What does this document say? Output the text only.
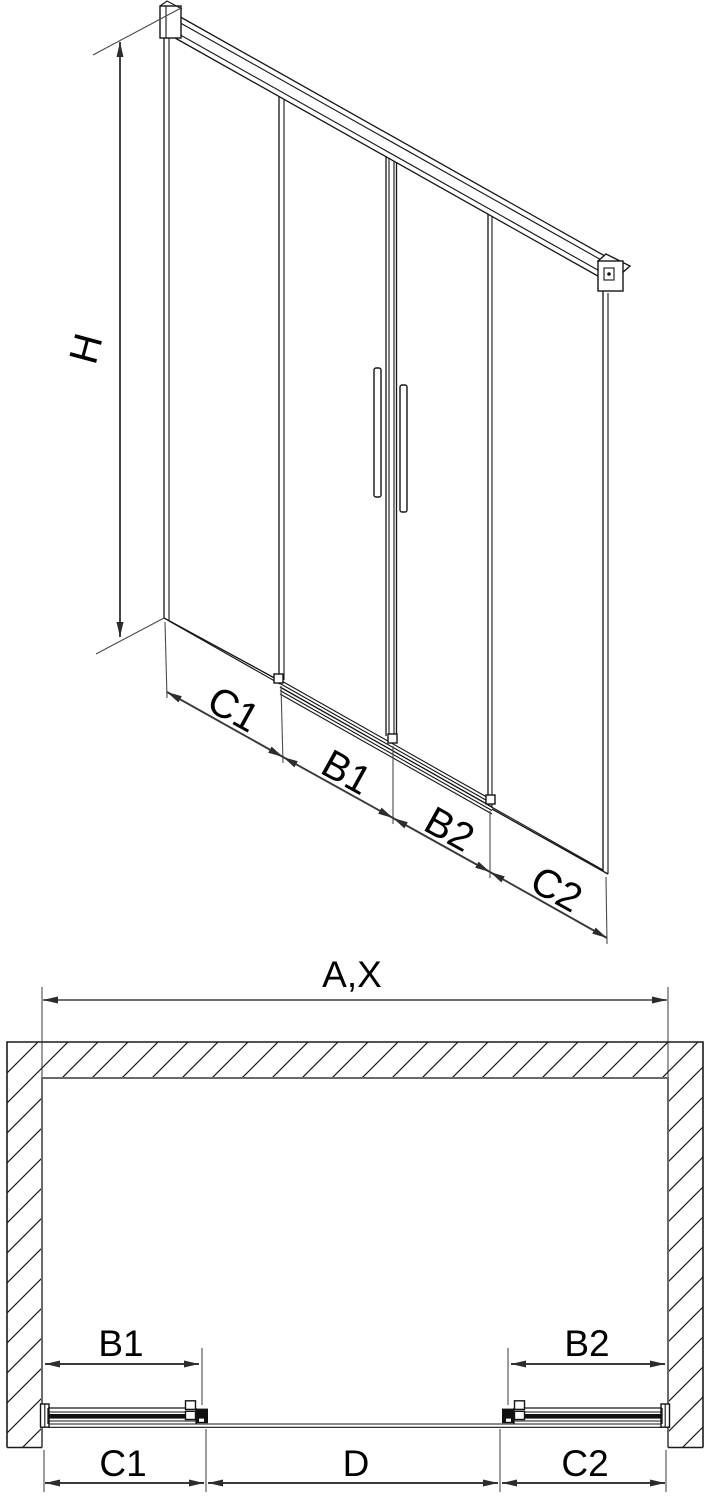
H
C1
B1
B2
C2
A,X
B1	B2
C1	D	C2
